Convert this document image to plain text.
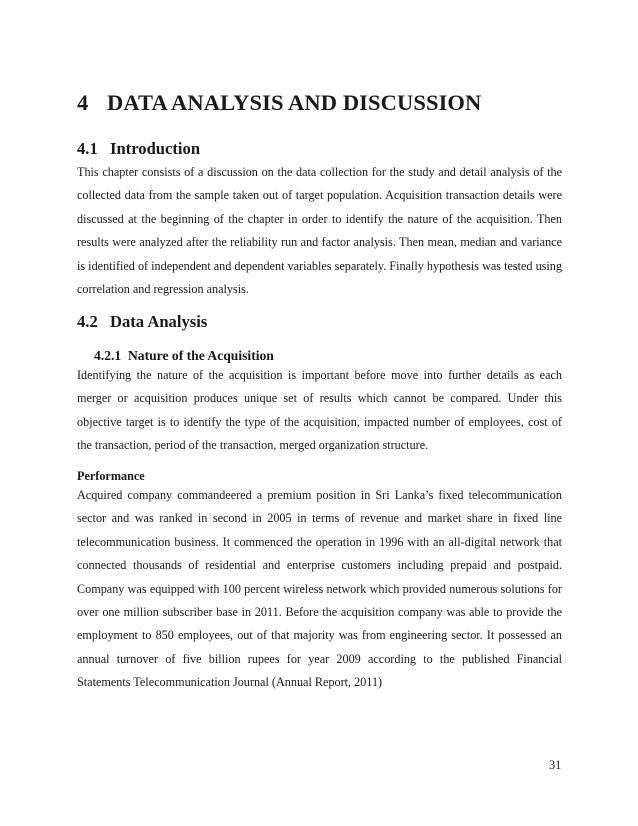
4 DATA ANALYSIS AND DISCUSSION
4.1 Introduction

This chapter consists of a discussion on the data collection for the study and detail analysis of the collected data from the sample taken out of target population. Acquisition transaction details were discussed at the beginning of the chapter in order to identify the nature of the acquisition. Then results were analyzed after the reliability run and factor analysis. Then mean, median and variance is identified of independent and dependent variables separately. Finally hypothesis was tested using correlation and regression analysis.

4.2 Data Analysis
4.2.1 Nature of the Acquisition

Identifying the nature of the acquisition is important before move into further details as each merger or acquisition produces unique set of results which cannot be compared. Under this objective target is to identify the type of the acquisition, impacted number of employees, cost of the transaction, period of the transaction, merged organization structure.

Performance

Acquired company commandeered a premium position in Sri Lanka’s fixed telecommunication sector and was ranked in second in 2005 in terms of revenue and market share in fixed line telecommunication business. It commenced the operation in 1996 with an all-digital network that connected thousands of residential and enterprise customers including prepaid and postpaid. Company was equipped with 100 percent wireless network which provided numerous solutions for over one million subscriber base in 2011. Before the acquisition company was able to provide the employment to 850 employees, out of that majority was from engineering sector. It possessed an annual turnover of five billion rupees for year 2009 according to the published Financial Statements Telecommunication Journal (Annual Report, 2011)

31
